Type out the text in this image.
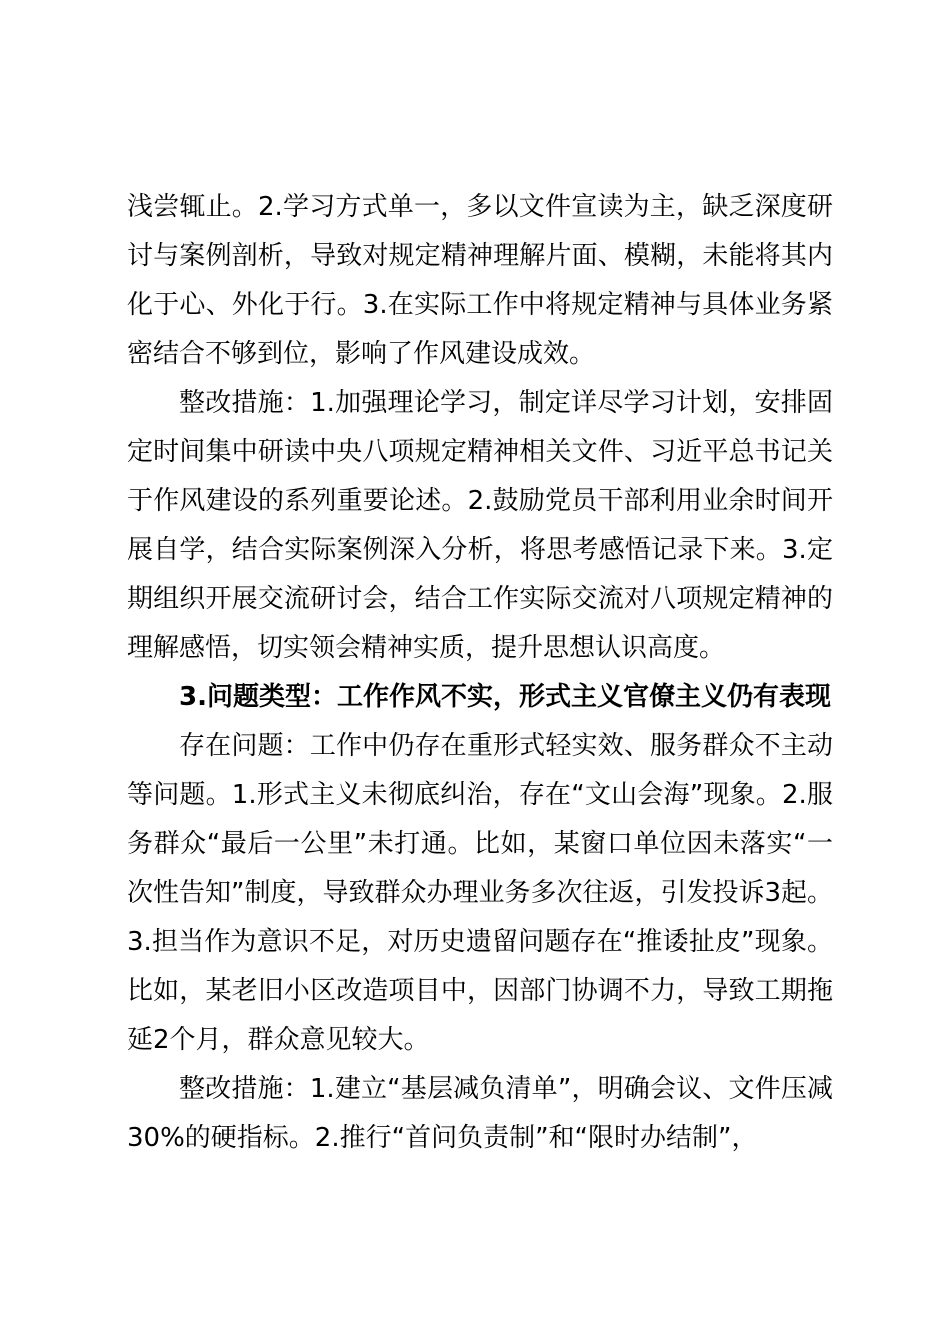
浅尝辄止。2.学习方式单一，多以文件宣读为主，缺乏深度研讨与案例剖析，导致对规定精神理解片面、模糊，未能将其内化于心、外化于行。3.在实际工作中将规定精神与具体业务紧密结合不够到位，影响了作风建设成效。

整改措施：1.加强理论学习，制定详尽学习计划，安排固定时间集中研读中央八项规定精神相关文件、习近平总书记关于作风建设的系列重要论述。2.鼓励党员干部利用业余时间开展自学，结合实际案例深入分析，将思考感悟记录下来。3.定期组织开展交流研讨会，结合工作实际交流对八项规定精神的理解感悟，切实领会精神实质，提升思想认识高度。

3.问题类型：工作作风不实，形式主义官僚主义仍有表现

存在问题：工作中仍存在重形式轻实效、服务群众不主动等问题。1.形式主义未彻底纠治，存在“文山会海”现象。2.服务群众“最后一公里”未打通。比如，某窗口单位因未落实“一次性告知”制度，导致群众办理业务多次往返，引发投诉3起。3.担当作为意识不足，对历史遗留问题存在“推诿扯皮”现象。比如，某老旧小区改造项目中，因部门协调不力，导致工期拖延2个月，群众意见较大。

整改措施：1.建立“基层减负清单”，明确会议、文件压减30%的硬指标。2.推行“首问负责制”和“限时办结制”，
